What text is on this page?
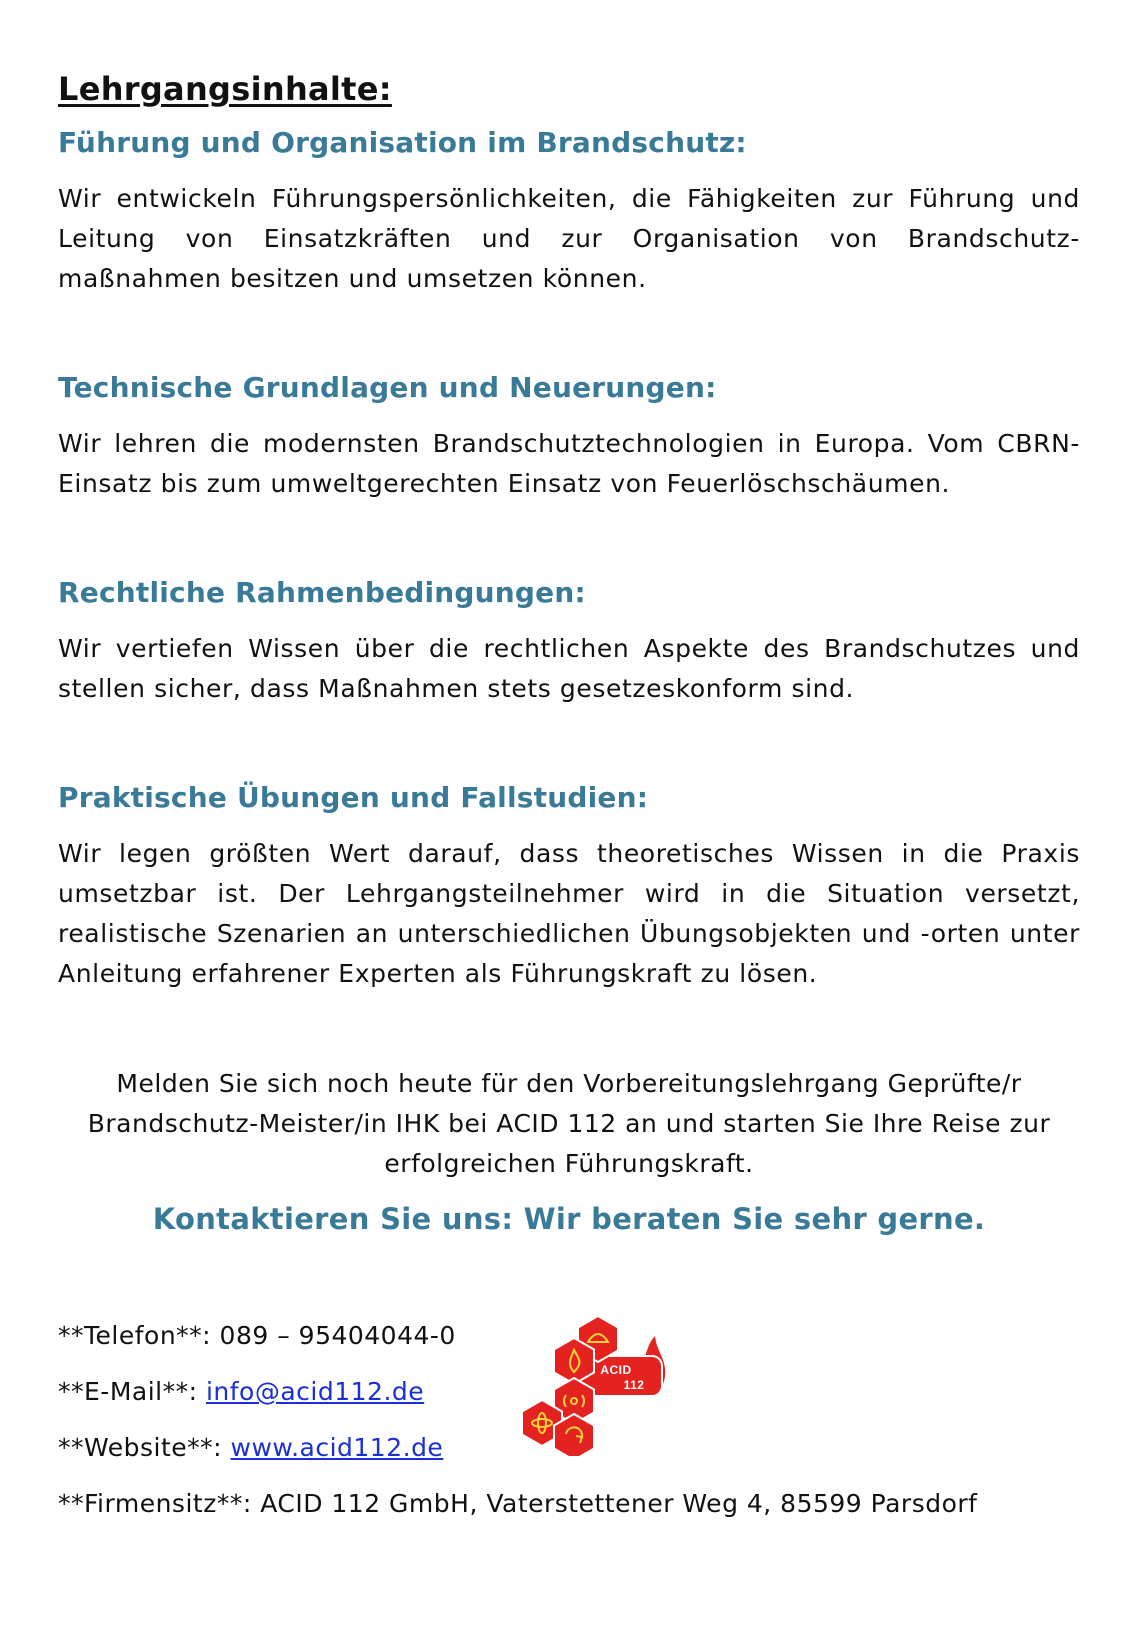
Lehrgangsinhalte:
Führung und Organisation im Brandschutz:

Wir entwickeln Führungspersönlichkeiten, die Fähigkeiten zur Führung und Leitung von Einsatzkräften und zur Organisation von Brandschutz-maßnahmen besitzen und umsetzen können.

Technische Grundlagen und Neuerungen:

Wir lehren die modernsten Brandschutztechnologien in Europa. Vom CBRN-Einsatz bis zum umweltgerechten Einsatz von Feuerlöschschäumen.

Rechtliche Rahmenbedingungen:

Wir vertiefen Wissen über die rechtlichen Aspekte des Brandschutzes und stellen sicher, dass Maßnahmen stets gesetzeskonform sind.

Praktische Übungen und Fallstudien:

Wir legen größten Wert darauf, dass theoretisches Wissen in die Praxis umsetzbar ist. Der Lehrgangsteilnehmer wird in die Situation versetzt, realistische Szenarien an unterschiedlichen Übungsobjekten und -orten unter Anleitung erfahrener Experten als Führungskraft zu lösen.

Melden Sie sich noch heute für den Vorbereitungslehrgang Geprüfte/r Brandschutz-Meister/in IHK bei ACID 112 an und starten Sie Ihre Reise zur erfolgreichen Führungskraft.

Kontaktieren Sie uns: Wir beraten Sie sehr gerne.

**Telefon**: 089 – 95404044-0
**E-Mail**: info@acid112.de
**Website**: www.acid112.de
**Firmensitz**: ACID 112 GmbH, Vaterstettener Weg 4, 85599 Parsdorf
ACID
112
